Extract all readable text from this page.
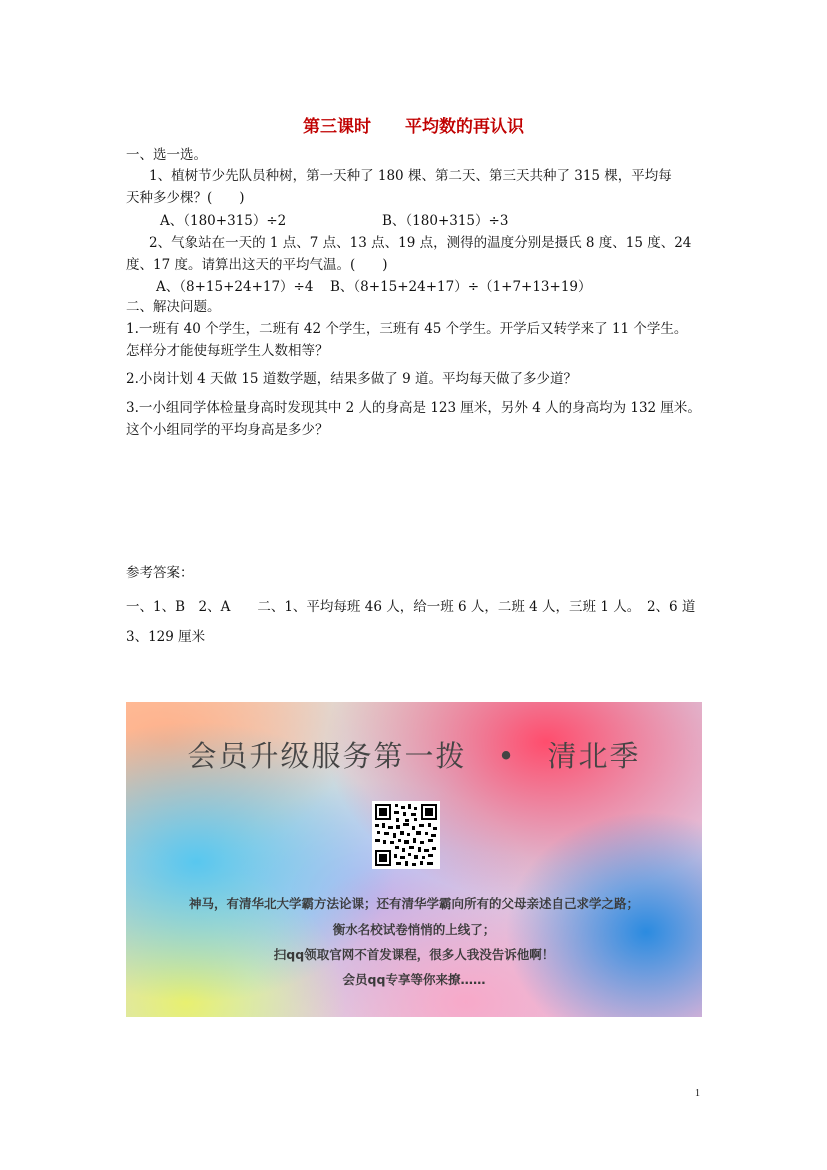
第三课时　　平均数的再认识
一、选一选。
1、植树节少先队员种树，第一天种了 180 棵、第二天、第三天共种了 315 棵，平均每
天种多少棵？(　　)
A、（180+315）÷2	B、（180+315）÷3
2、气象站在一天的 1 点、7 点、13 点、19 点，测得的温度分别是摄氏 8 度、15 度、24
度、17 度。请算出这天的平均气温。(　　)
A、（8+15+24+17）÷4 B、（8+15+24+17）÷（1+7+13+19）
二、解决问题。
1.一班有 40 个学生，二班有 42 个学生，三班有 45 个学生。开学后又转学来了 11 个学生。
怎样分才能使每班学生人数相等？
2.小岗计划 4 天做 15 道数学题，结果多做了 9 道。平均每天做了多少道？
3.一小组同学体检量身高时发现其中 2 人的身高是 123 厘米，另外 4 人的身高均为 132 厘米。
这个小组同学的平均身高是多少？
参考答案：
一、1、B　2、A　　二、1、平均每班 46 人，给一班 6 人，二班 4 人，三班 1 人。　2、6 道
3、129 厘米
会员升级服务第一拨　•　清北季
神马，有清华北大学霸方法论课；还有清华学霸向所有的父母亲述自己求学之路；
衡水名校试卷悄悄的上线了；
扫qq领取官网不首发课程，很多人我没告诉他啊！
会员qq专享等你来撩……
1
